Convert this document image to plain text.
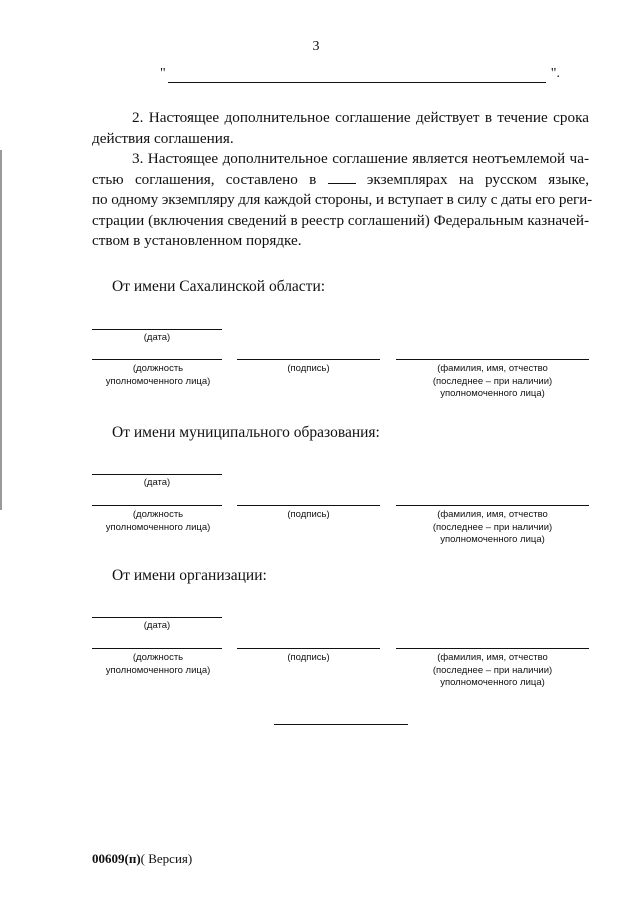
3
"	".
2. Настоящее дополнительное соглашение действует в течение срока
действия соглашения.
3. Настоящее дополнительное соглашение является неотъемлемой ча-
стью соглашения, составлено в	экземплярах на русском языке,
по одному экземпляру для каждой стороны, и вступает в силу с даты его реги-
страции (включения сведений в реестр соглашений) Федеральным казначей-
ством в установленном порядке.
От имени Сахалинской области:
(дата)
(должность
уполномоченного лица)
(подпись)	(фамилия, имя, отчество
(последнее – при наличии)
уполномоченного лица)
От имени муниципального образования:
(дата)
(должность
уполномоченного лица)
(подпись)	(фамилия, имя, отчество
(последнее – при наличии)
уполномоченного лица)
От имени организации:
(дата)
(должность
уполномоченного лица)
(подпись)	(фамилия, имя, отчество
(последнее – при наличии)
уполномоченного лица)
00609(п)( Версия)
